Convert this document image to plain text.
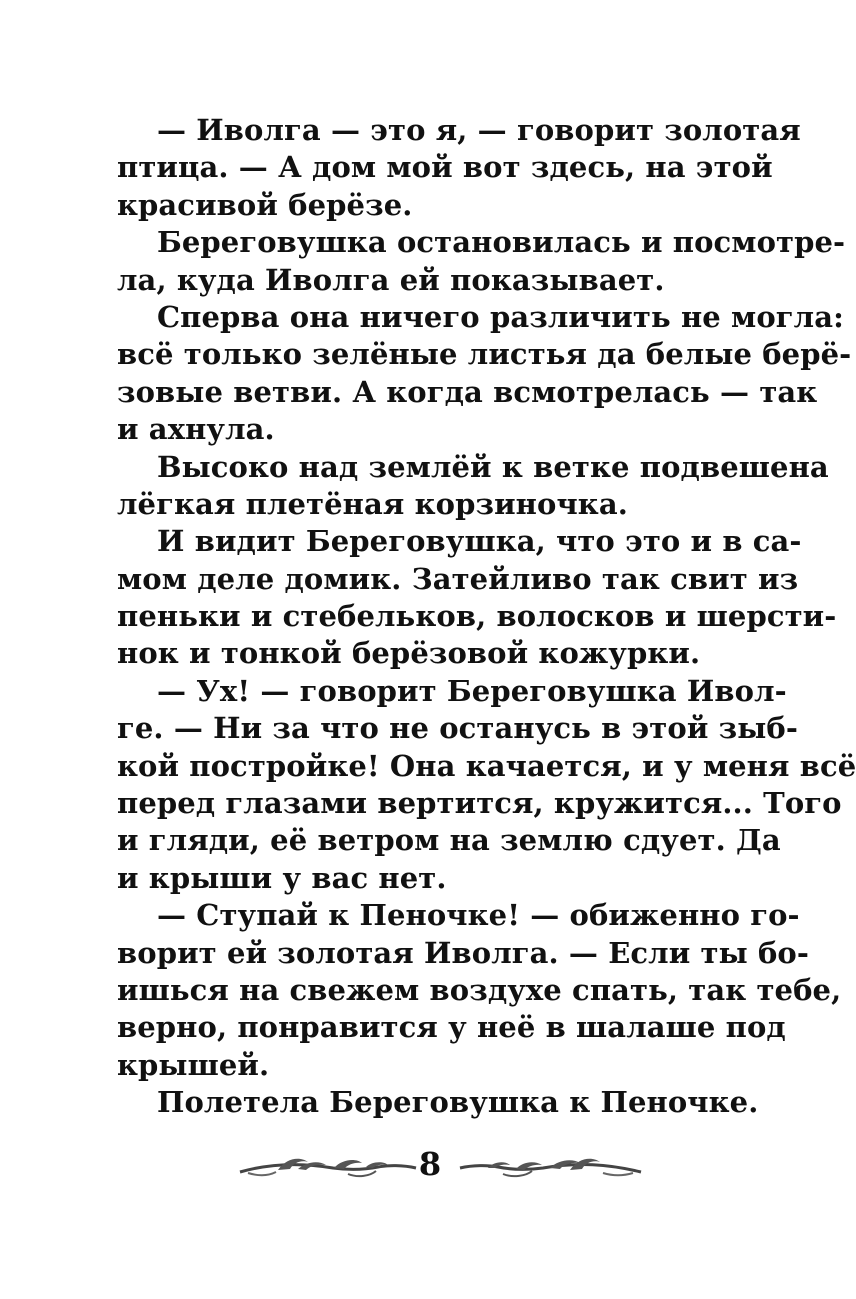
— Иволга — это я, — говорит золотая
птица. — А дом мой вот здесь, на этой
красивой берёзе.
Береговушка остановилась и посмотре-
ла, куда Иволга ей показывает.
Сперва она ничего различить не могла:
всё только зелёные листья да белые берё-
зовые ветви. А когда всмотрелась — так
и ахнула.
Высоко над землёй к ветке подвешена
лёгкая плетёная корзиночка.
И видит Береговушка, что это и в са-
мом деле домик. Затейливо так свит из
пеньки и стебельков, волосков и шерсти-
нок и тонкой берёзовой кожурки.
— Ух! — говорит Береговушка Ивол-
ге. — Ни за что не останусь в этой зыб-
кой постройке! Она качается, и у меня всё
перед глазами вертится, кружится... Того
и гляди, её ветром на землю сдует. Да
и крыши у вас нет.
— Ступай к Пеночке! — обиженно го-
ворит ей золотая Иволга. — Если ты бо-
ишься на свежем воздухе спать, так тебе,
верно, понравится у неё в шалаше под
крышей.
Полетела Береговушка к Пеночке.
8
